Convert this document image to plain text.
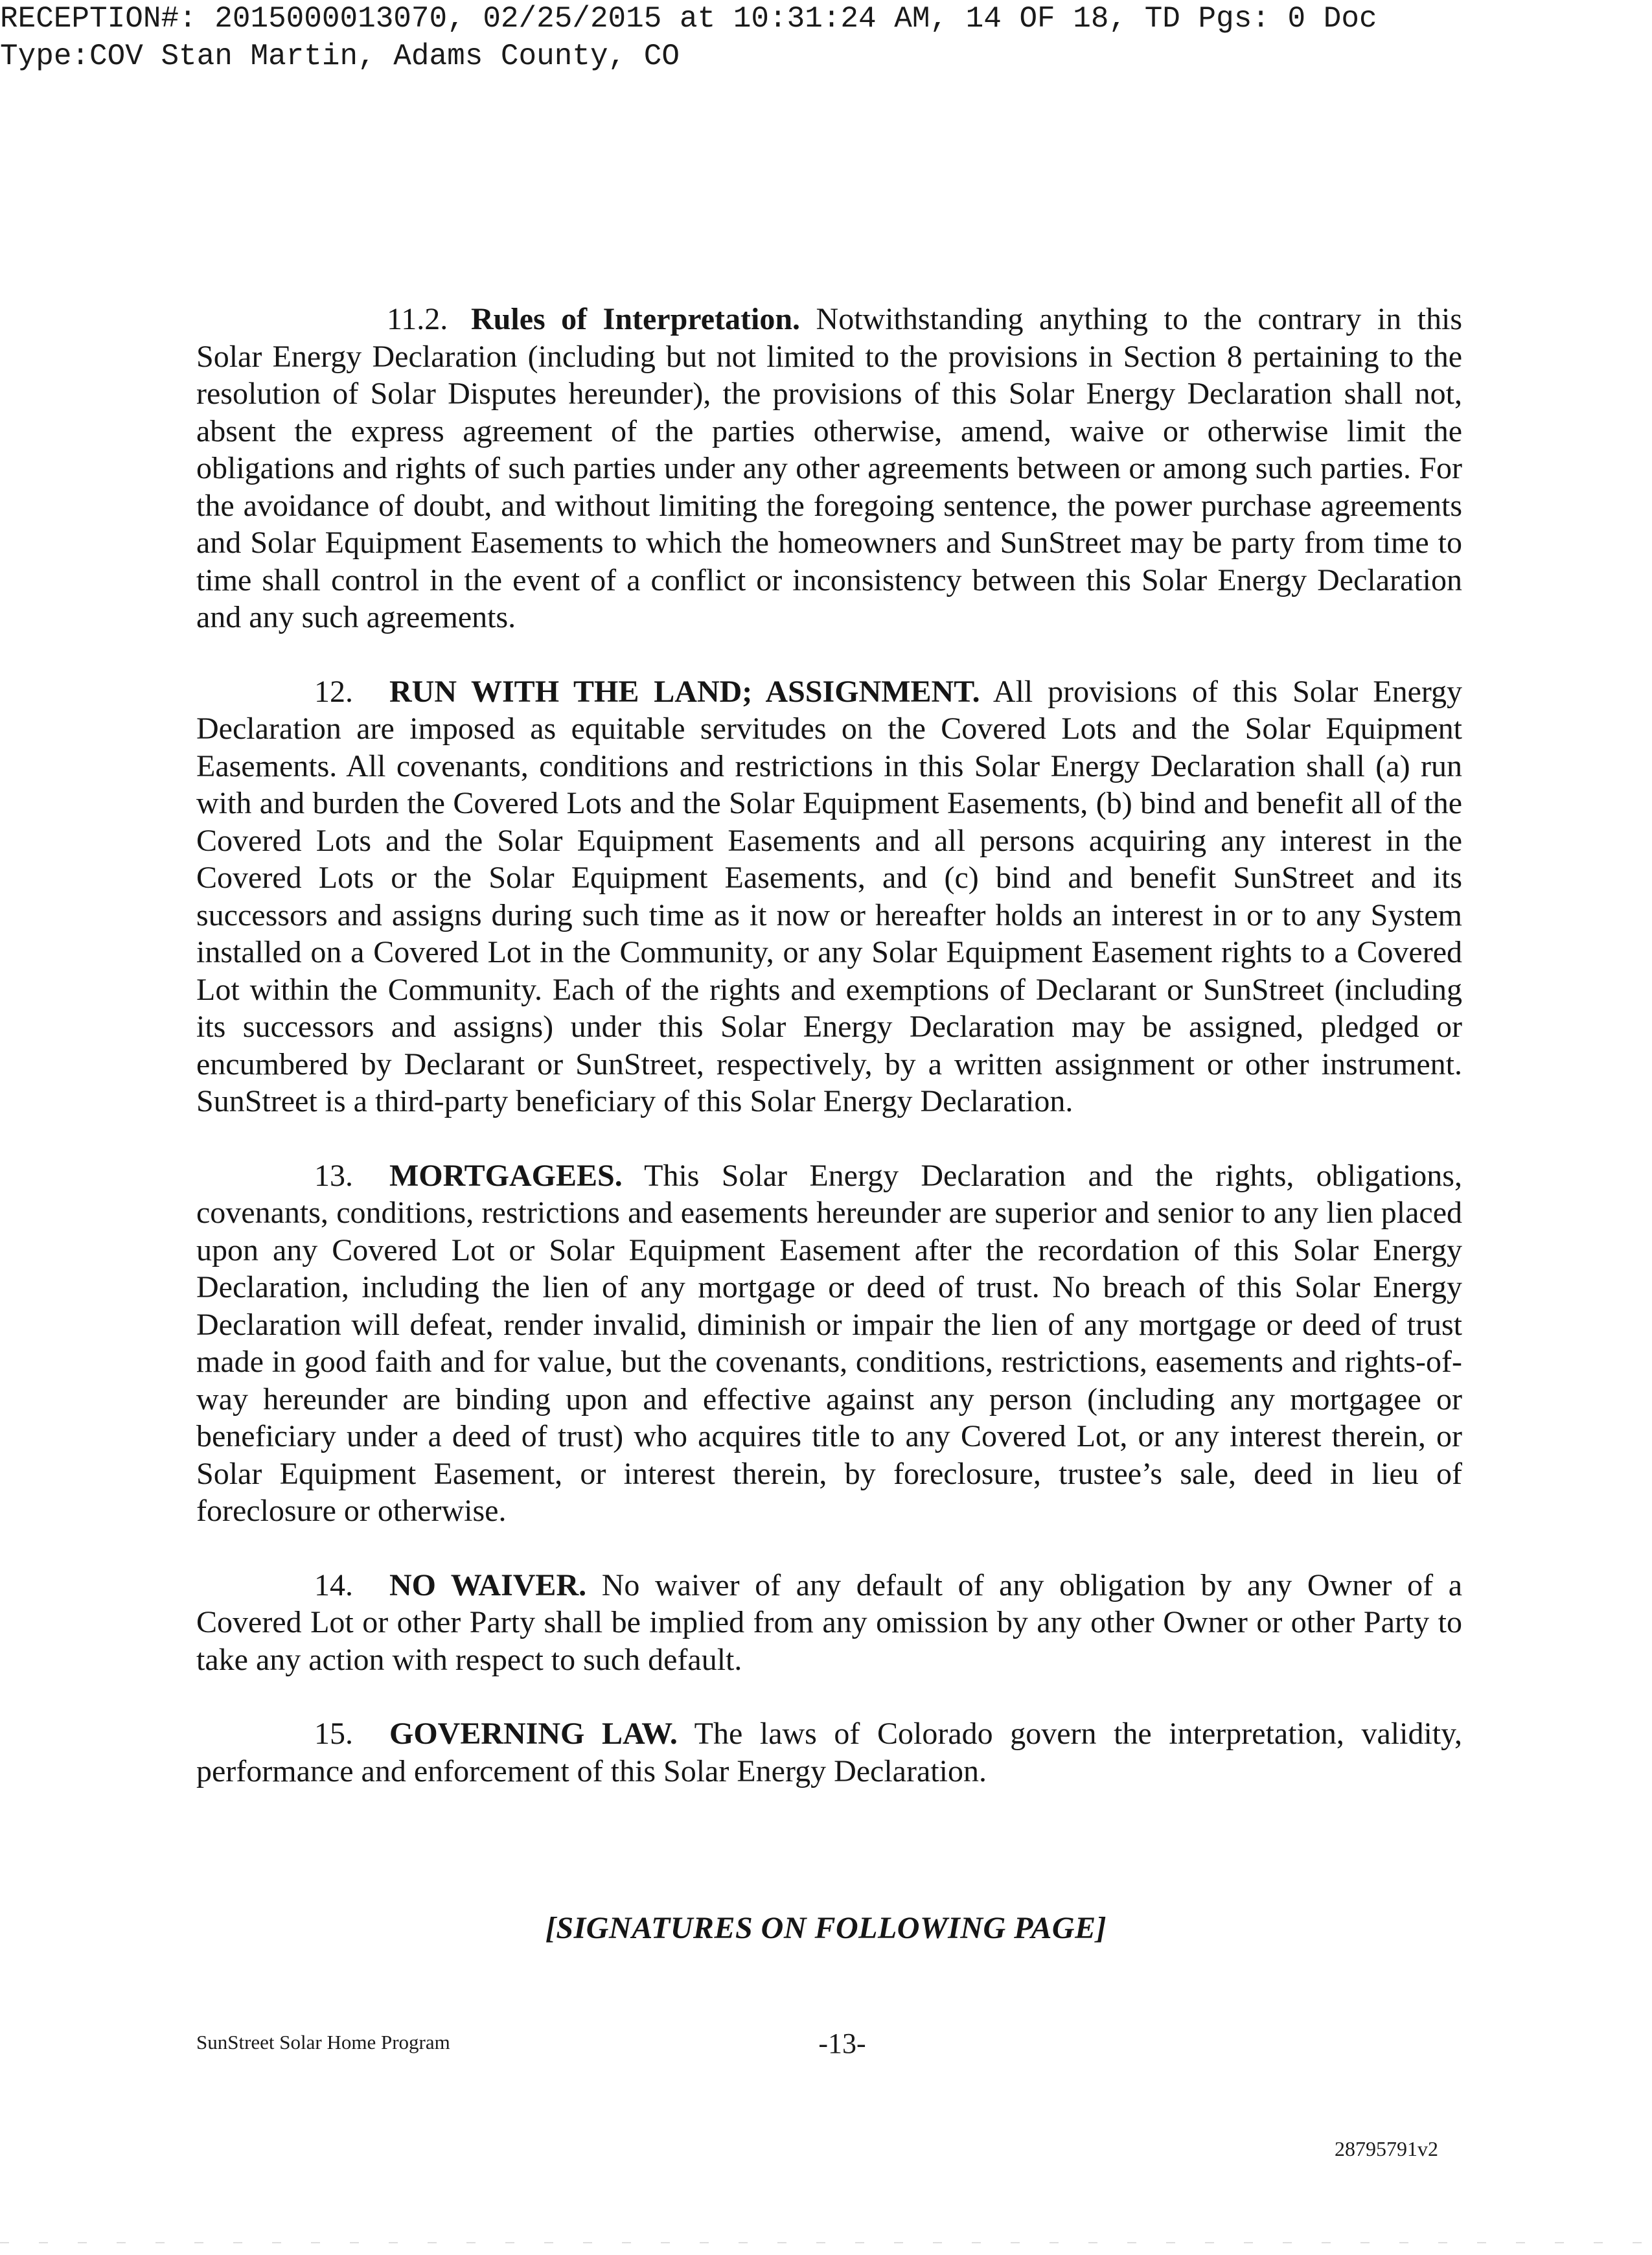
RECEPTION#: 2015000013070, 02/25/2015 at 10:31:24 AM, 14 OF 18, TD Pgs: 0 Doc
Type:COV Stan Martin, Adams County, CO

11.2. Rules of Interpretation. Notwithstanding anything to the contrary in this Solar Energy Declaration (including but not limited to the provisions in Section 8 pertaining to the resolution of Solar Disputes hereunder), the provisions of this Solar Energy Declaration shall not, absent the express agreement of the parties otherwise, amend, waive or otherwise limit the obligations and rights of such parties under any other agreements between or among such parties. For the avoidance of doubt, and without limiting the foregoing sentence, the power purchase agreements and Solar Equipment Easements to which the homeowners and SunStreet may be party from time to time shall control in the event of a conflict or inconsistency between this Solar Energy Declaration and any such agreements.

12. RUN WITH THE LAND; ASSIGNMENT. All provisions of this Solar Energy Declaration are imposed as equitable servitudes on the Covered Lots and the Solar Equipment Easements. All covenants, conditions and restrictions in this Solar Energy Declaration shall (a) run with and burden the Covered Lots and the Solar Equipment Easements, (b) bind and benefit all of the Covered Lots and the Solar Equipment Easements and all persons acquiring any interest in the Covered Lots or the Solar Equipment Easements, and (c) bind and benefit SunStreet and its successors and assigns during such time as it now or hereafter holds an interest in or to any System installed on a Covered Lot in the Community, or any Solar Equipment Easement rights to a Covered Lot within the Community. Each of the rights and exemptions of Declarant or SunStreet (including its successors and assigns) under this Solar Energy Declaration may be assigned, pledged or encumbered by Declarant or SunStreet, respectively, by a written assignment or other instrument. SunStreet is a third-party beneficiary of this Solar Energy Declaration.

13. MORTGAGEES. This Solar Energy Declaration and the rights, obligations, covenants, conditions, restrictions and easements hereunder are superior and senior to any lien placed upon any Covered Lot or Solar Equipment Easement after the recordation of this Solar Energy Declaration, including the lien of any mortgage or deed of trust. No breach of this Solar Energy Declaration will defeat, render invalid, diminish or impair the lien of any mortgage or deed of trust made in good faith and for value, but the covenants, conditions, restrictions, easements and rights-of-way hereunder are binding upon and effective against any person (including any mortgagee or beneficiary under a deed of trust) who acquires title to any Covered Lot, or any interest therein, or Solar Equipment Easement, or interest therein, by foreclosure, trustee’s sale, deed in lieu of foreclosure or otherwise.

14. NO WAIVER. No waiver of any default of any obligation by any Owner of a Covered Lot or other Party shall be implied from any omission by any other Owner or other Party to take any action with respect to such default.

15. GOVERNING LAW. The laws of Colorado govern the interpretation, validity, performance and enforcement of this Solar Energy Declaration.

[SIGNATURES ON FOLLOWING PAGE]
SunStreet Solar Home Program	-13-
28795791v2
